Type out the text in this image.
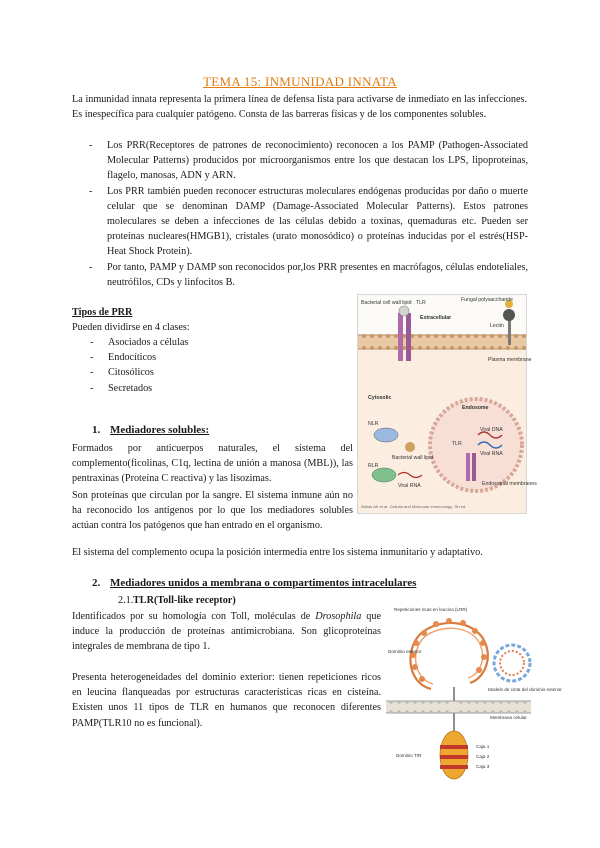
TEMA 15: INMUNIDAD INNATA

La inmunidad innata representa la primera línea de defensa lista para activarse de inmediato en las infecciones. Es inespecífica para cualquier patógeno. Consta de las barreras físicas y de los componentes solubles.

- Los PRR(Receptores de patrones de reconocimiento) reconocen a los PAMP (Pathogen-Associated Molecular Patterns) producidos por microorganismos entre los que destacan los LPS, lipoproteínas, flagelo, manosas, ADN y ARN.
- Los PRR también pueden reconocer estructuras moleculares endógenas producidas por daño o muerte celular que se denominan DAMP (Damage-Associated Molecular Patterns). Estos patrones moleculares se deben a infecciones de las células debido a toxinas, quemaduras etc. Pueden ser proteínas nucleares(HMGB1), cristales (urato monosódico) o proteínas inducidas por el estrés(HSP-Heat Shock Protein).
- Por tanto, PAMP y DAMP son reconocidos por,los PRR presentes en macrófagos, células endoteliales, neutrófilos, CDs y linfocitos B.
Tipos de PRR
Pueden dividirse en 4 clases:
- Asociados a células
- Endocíticos
- Citosólicos
- Secretados
1. Mediadores solubles:

Formados por anticuerpos naturales, el sistema del complemento(ficolinas, C1q, lectina de unión a manosa (MBL)), las pentraxinas (Proteína C reactiva) y las lisozimas.

Son proteínas que circulan por la sangre. El sistema inmune aún no ha reconocido los antígenos por lo que los mediadores solubles actúan contra los patógenos que han entrado en el organismo.

El sistema del complemento ocupa la posición intermedia entre los sistema inmunitario y adaptativo.

Bacterial cell wall lipid TLR
Extracellular
Fungal polysaccharide
Lectin
Plasma membrane
Cytosolic
Endosome
NLR
TLR
Viral DNA
Viral RNA
Bacterial wall lipid
RLR
Viral RNA	Endosomal membranes
Abbas AK et al. Cellular and Molecular Immunology, 7th ed.
2. Mediadores unidos a membrana o compartimentos intracelulares
2.1. TLR(Toll-like receptor)

Identificados por su homología con Toll, moléculas de Drosophila que induce la producción de proteínas antimicrobiana. Son glicoproteínas integrales de membrana de tipo 1.

Presenta heterogeneidades del dominio exterior: tienen repeticiones ricos en leucina flanqueadas por estructuras características ricas en cisteína. Existen unos 11 tipos de TLR en humanos que reconocen diferentes PAMP(TLR10 no es funcional).

Repeticiones ricas en leucina (LRR)
Dominio exterior
Modelo de cinta del dominio exterior
Membrana celular
Dominio TIR
Caja 1
Caja 2
Caja 3
